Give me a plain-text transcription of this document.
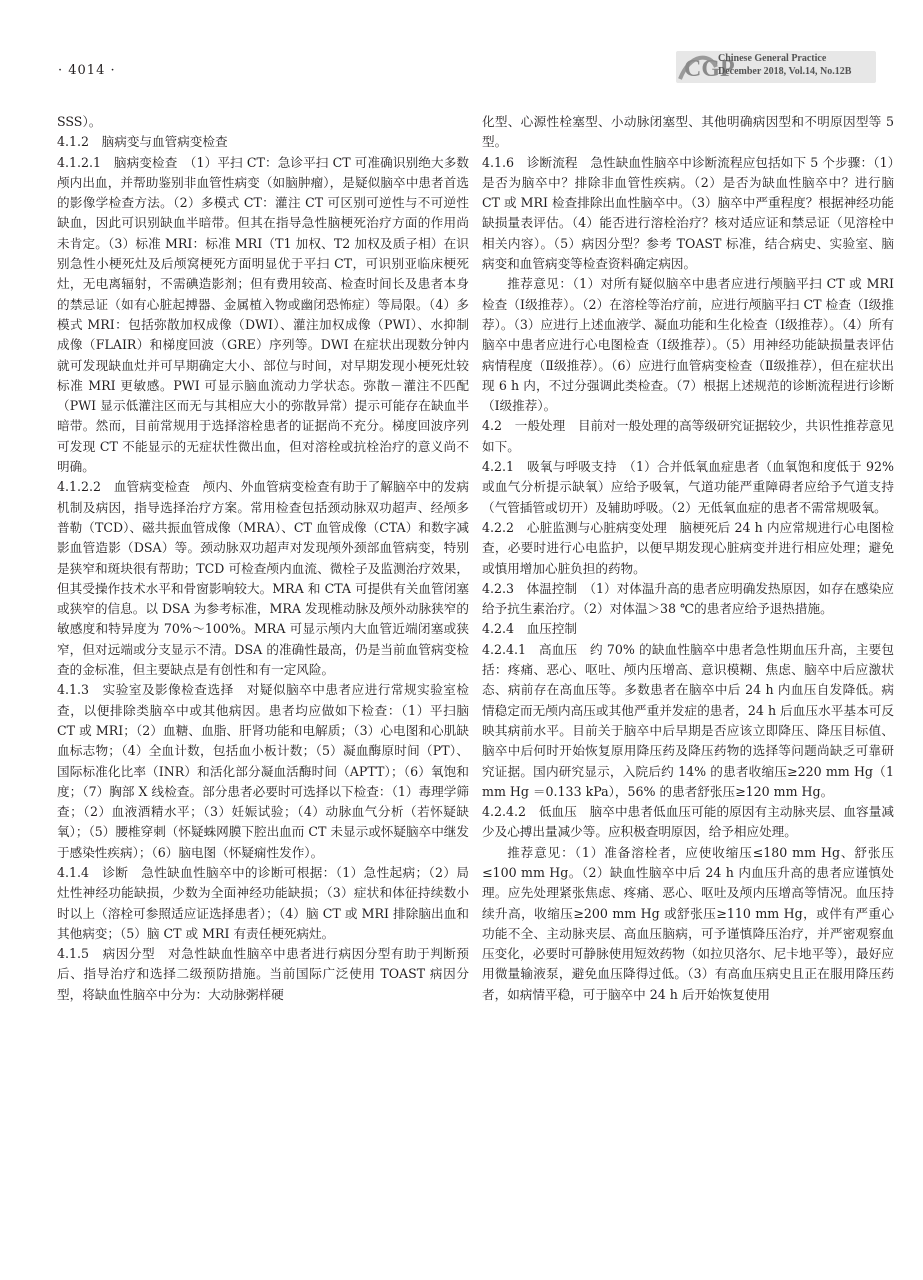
· 4014 ·	CGP
Chinese General Practice
December 2018, Vol.14, No.12B

SSS）。

4.1.2　脑病变与血管病变检查

4.1.2.1　脑病变检查　（1）平扫 CT：急诊平扫 CT 可准确识别绝大多数颅内出血，并帮助鉴别非血管性病变（如脑肿瘤），是疑似脑卒中患者首选的影像学检查方法。（2）多模式 CT：灌注 CT 可区别可逆性与不可逆性缺血，因此可识别缺血半暗带。但其在指导急性脑梗死治疗方面的作用尚未肯定。（3）标准 MRI：标准 MRI（T1 加权、T2 加权及质子相）在识别急性小梗死灶及后颅窝梗死方面明显优于平扫 CT，可识别亚临床梗死灶，无电离辐射，不需碘造影剂；但有费用较高、检查时间长及患者本身的禁忌证（如有心脏起搏器、金属植入物或幽闭恐怖症）等局限。（4）多模式 MRI：包括弥散加权成像（DWI）、灌注加权成像（PWI）、水抑制成像（FLAIR）和梯度回波（GRE）序列等。DWI 在症状出现数分钟内就可发现缺血灶并可早期确定大小、部位与时间，对早期发现小梗死灶较标准 MRI 更敏感。PWI 可显示脑血流动力学状态。弥散－灌注不匹配（PWI 显示低灌注区而无与其相应大小的弥散异常）提示可能存在缺血半暗带。然而，目前常规用于选择溶栓患者的证据尚不充分。梯度回波序列可发现 CT 不能显示的无症状性微出血，但对溶栓或抗栓治疗的意义尚不明确。

4.1.2.2　血管病变检查　颅内、外血管病变检查有助于了解脑卒中的发病机制及病因，指导选择治疗方案。常用检查包括颈动脉双功超声、经颅多普勒（TCD）、磁共振血管成像（MRA）、CT 血管成像（CTA）和数字减影血管造影（DSA）等。颈动脉双功超声对发现颅外颈部血管病变，特别是狭窄和斑块很有帮助；TCD 可检查颅内血流、微栓子及监测治疗效果，但其受操作技术水平和骨窗影响较大。MRA 和 CTA 可提供有关血管闭塞或狭窄的信息。以 DSA 为参考标准，MRA 发现椎动脉及颅外动脉狭窄的敏感度和特异度为 70%～100%。MRA 可显示颅内大血管近端闭塞或狭窄，但对远端或分支显示不清。DSA 的准确性最高，仍是当前血管病变检查的金标准，但主要缺点是有创性和有一定风险。

4.1.3　实验室及影像检查选择　对疑似脑卒中患者应进行常规实验室检查，以便排除类脑卒中或其他病因。患者均应做如下检查：（1）平扫脑 CT 或 MRI；（2）血糖、血脂、肝肾功能和电解质；（3）心电图和心肌缺血标志物；（4）全血计数，包括血小板计数；（5）凝血酶原时间（PT）、国际标准化比率（INR）和活化部分凝血活酶时间（APTT）；（6）氧饱和度；（7）胸部 X 线检查。部分患者必要时可选择以下检查：（1）毒理学筛查；（2）血液酒精水平；（3）妊娠试验；（4）动脉血气分析（若怀疑缺氧）；（5）腰椎穿刺（怀疑蛛网膜下腔出血而 CT 未显示或怀疑脑卒中继发于感染性疾病）；（6）脑电图（怀疑痫性发作）。

4.1.4　诊断　急性缺血性脑卒中的诊断可根据：（1）急性起病；（2）局灶性神经功能缺损，少数为全面神经功能缺损；（3）症状和体征持续数小时以上（溶栓可参照适应证选择患者）；（4）脑 CT 或 MRI 排除脑出血和其他病变；（5）脑 CT 或 MRI 有责任梗死病灶。

4.1.5　病因分型　对急性缺血性脑卒中患者进行病因分型有助于判断预后、指导治疗和选择二级预防措施。当前国际广泛使用 TOAST 病因分型，将缺血性脑卒中分为：大动脉粥样硬

化型、心源性栓塞型、小动脉闭塞型、其他明确病因型和不明原因型等 5 型。

4.1.6　诊断流程　急性缺血性脑卒中诊断流程应包括如下 5 个步骤：（1）是否为脑卒中？排除非血管性疾病。（2）是否为缺血性脑卒中？进行脑 CT 或 MRI 检查排除出血性脑卒中。（3）脑卒中严重程度？根据神经功能缺损量表评估。（4）能否进行溶栓治疗？核对适应证和禁忌证（见溶栓中相关内容）。（5）病因分型？参考 TOAST 标准，结合病史、实验室、脑病变和血管病变等检查资料确定病因。

推荐意见：（1）对所有疑似脑卒中患者应进行颅脑平扫 CT 或 MRI 检查（Ⅰ级推荐）。（2）在溶栓等治疗前，应进行颅脑平扫 CT 检查（Ⅰ级推荐）。（3）应进行上述血液学、凝血功能和生化检查（Ⅰ级推荐）。（4）所有脑卒中患者应进行心电图检查（Ⅰ级推荐）。（5）用神经功能缺损量表评估病情程度（Ⅱ级推荐）。（6）应进行血管病变检查（Ⅱ级推荐），但在症状出现 6 h 内，不过分强调此类检查。（7）根据上述规范的诊断流程进行诊断（Ⅰ级推荐）。

4.2　一般处理　目前对一般处理的高等级研究证据较少，共识性推荐意见如下。

4.2.1　吸氧与呼吸支持　（1）合并低氧血症患者（血氧饱和度低于 92% 或血气分析提示缺氧）应给予吸氧，气道功能严重障碍者应给予气道支持（气管插管或切开）及辅助呼吸。（2）无低氧血症的患者不需常规吸氧。

4.2.2　心脏监测与心脏病变处理　脑梗死后 24 h 内应常规进行心电图检查，必要时进行心电监护，以便早期发现心脏病变并进行相应处理；避免或慎用增加心脏负担的药物。

4.2.3　体温控制　（1）对体温升高的患者应明确发热原因，如存在感染应给予抗生素治疗。（2）对体温＞38 ℃的患者应给予退热措施。

4.2.4　血压控制

4.2.4.1　高血压　约 70% 的缺血性脑卒中患者急性期血压升高，主要包括：疼痛、恶心、呕吐、颅内压增高、意识模糊、焦虑、脑卒中后应激状态、病前存在高血压等。多数患者在脑卒中后 24 h 内血压自发降低。病情稳定而无颅内高压或其他严重并发症的患者，24 h 后血压水平基本可反映其病前水平。目前关于脑卒中后早期是否应该立即降压、降压目标值、脑卒中后何时开始恢复原用降压药及降压药物的选择等问题尚缺乏可靠研究证据。国内研究显示，入院后约 14% 的患者收缩压≥220 mm Hg（1 mm Hg ＝0.133 kPa），56% 的患者舒张压≥120 mm Hg。

4.2.4.2　低血压　脑卒中患者低血压可能的原因有主动脉夹层、血容量减少及心搏出量减少等。应积极查明原因，给予相应处理。

推荐意见：（1）准备溶栓者，应使收缩压≤180 mm Hg、舒张压≤100 mm Hg。（2）缺血性脑卒中后 24 h 内血压升高的患者应谨慎处理。应先处理紧张焦虑、疼痛、恶心、呕吐及颅内压增高等情况。血压持续升高，收缩压≥200 mm Hg 或舒张压≥110 mm Hg，或伴有严重心功能不全、主动脉夹层、高血压脑病，可予谨慎降压治疗，并严密观察血压变化，必要时可静脉使用短效药物（如拉贝洛尔、尼卡地平等），最好应用微量输液泵，避免血压降得过低。（3）有高血压病史且正在服用降压药者，如病情平稳，可于脑卒中 24 h 后开始恢复使用
